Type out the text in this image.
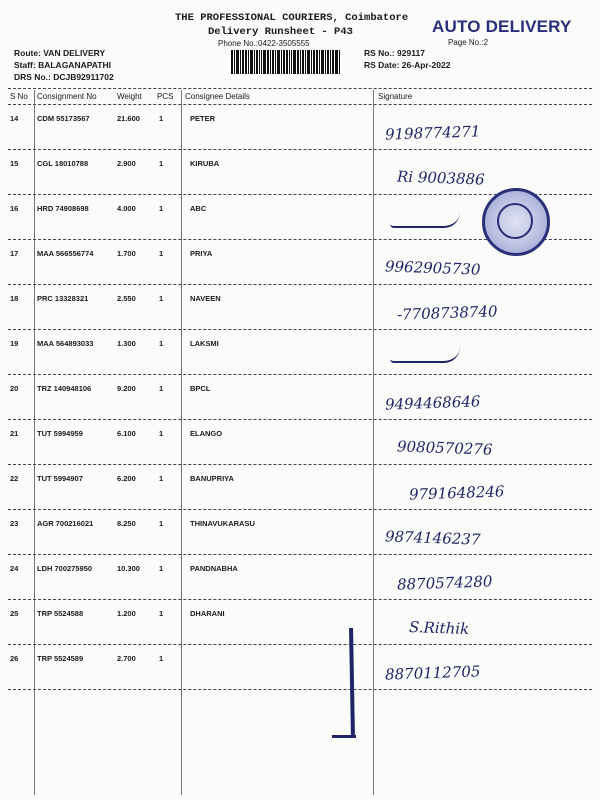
THE PROFESSIONAL COURIERS, Coimbatore
Delivery Runsheet - P43
Phone No.:0422-3505555
AUTO DELIVERY
Page No.:2
Route: VAN DELIVERY
Staff: BALAGANAPATHI
DRS No.: DCJB92911702
RS No.: 929117
RS Date: 26-Apr-2022
S No Consignment No	Weight PCS Consignee Details	Signature
14 CDM 55173567	21.600	1	PETER
9198774271
15 CGL 18010788	2.900	1	KIRUBA
Ri 9003886
16 HRD 74908698	4.000	1	ABC
17 MAA 566556774	1.700	1	PRIYA
9962905730
18 PRC 13328321	2.550	1	NAVEEN
-7708738740
19 MAA 564893033	1.300	1	LAKSMI
20 TRZ 140948106	9.200	1	BPCL
9494468646
21 TUT 5994959	6.100	1	ELANGO
9080570276
22 TUT 5994907	6.200	1	BANUPRIYA
9791648246
23 AGR 700216021	8.250	1	THINAVUKARASU
9874146237
24 LDH 700275950	10.300	1	PANDNABHA
8870574280
25 TRP 5524588	1.200	1	DHARANI
S.Rithik
26 TRP 5524589	2.700	1
8870112705
